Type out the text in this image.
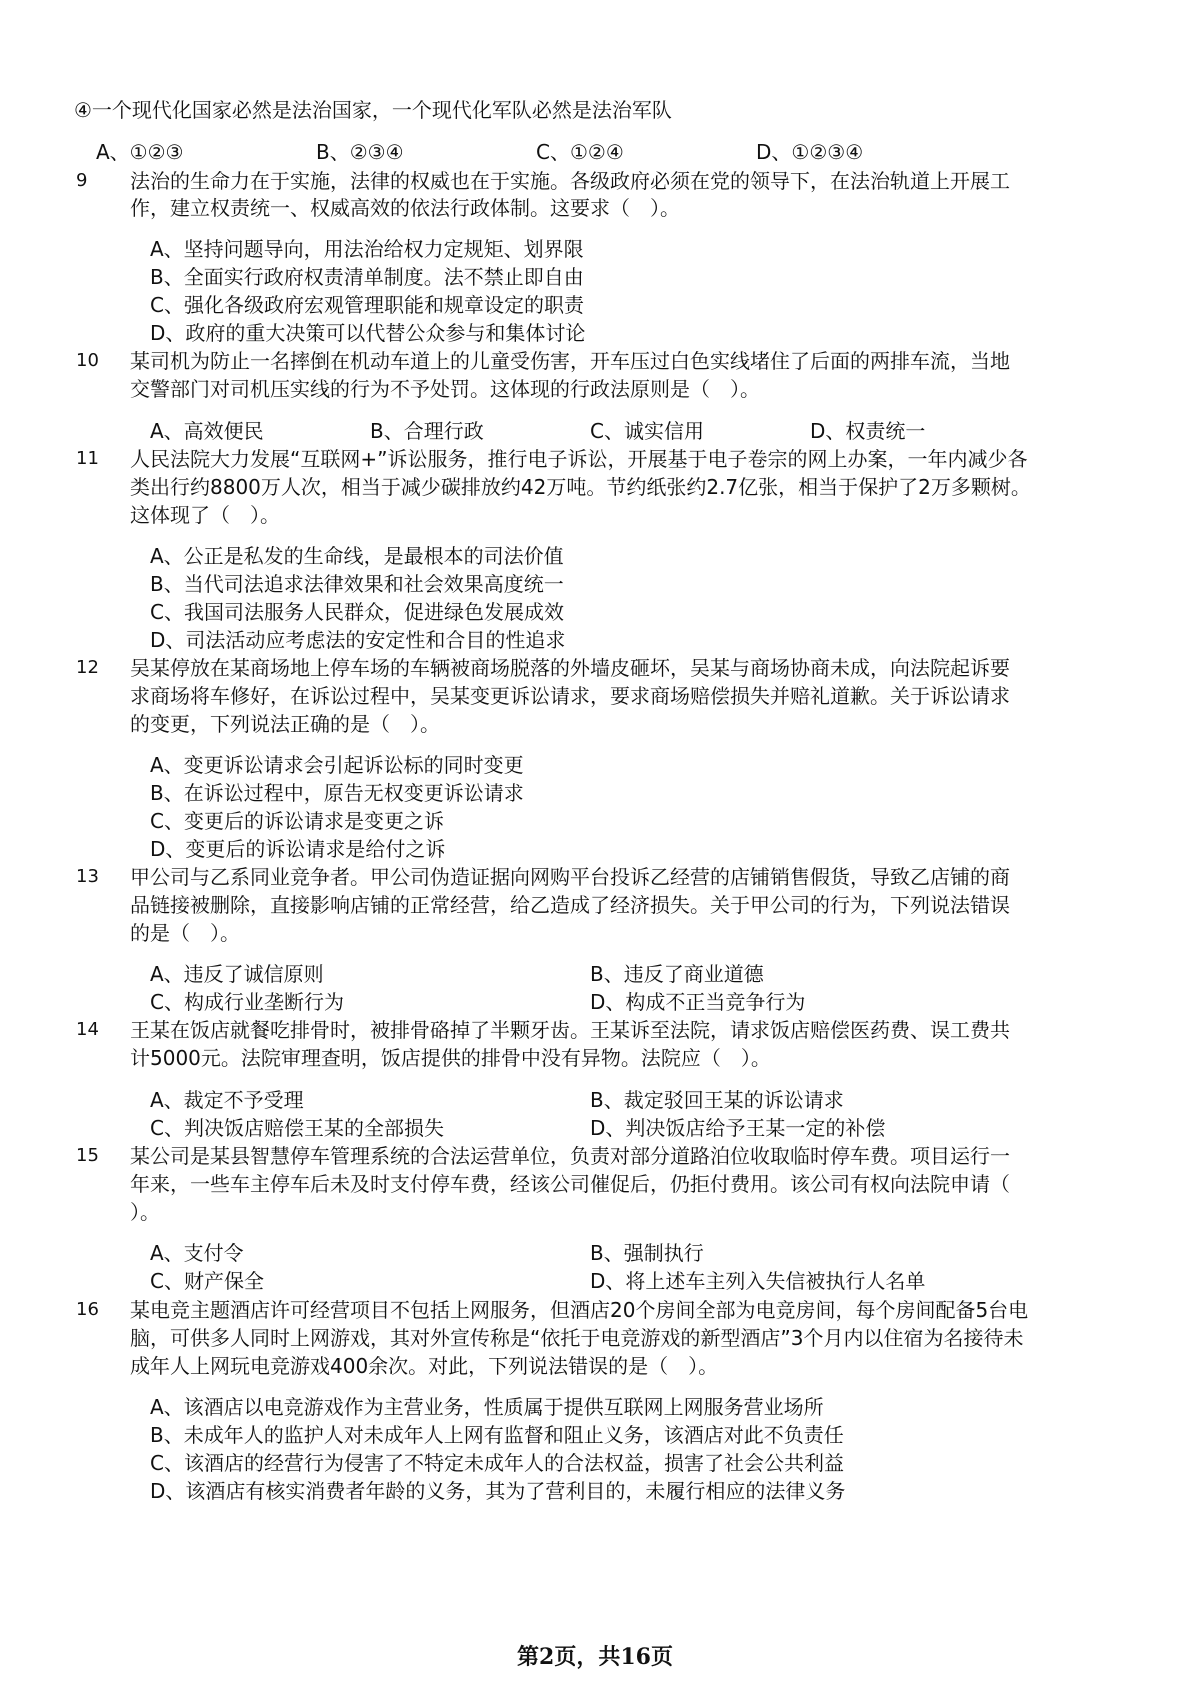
④一个现代化国家必然是法治国家，一个现代化军队必然是法治军队
A、①②③	B、②③④	C、①②④	D、①②③④
9 法治的生命力在于实施，法律的权威也在于实施。各级政府必须在党的领导下，在法治轨道上开展工
作，建立权责统一、权威高效的依法行政体制。这要求（　）。
A、坚持问题导向，用法治给权力定规矩、划界限
B、全面实行政府权责清单制度。法不禁止即自由
C、强化各级政府宏观管理职能和规章设定的职责
D、政府的重大决策可以代替公众参与和集体讨论
10 某司机为防止一名摔倒在机动车道上的儿童受伤害，开车压过白色实线堵住了后面的两排车流，当地
交警部门对司机压实线的行为不予处罚。这体现的行政法原则是（　）。
A、高效便民	B、合理行政	C、诚实信用	D、权责统一
11 人民法院大力发展“互联网+”诉讼服务，推行电子诉讼，开展基于电子卷宗的网上办案，一年内减少各
类出行约8800万人次，相当于减少碳排放约42万吨。节约纸张约2.7亿张，相当于保护了2万多颗树。
这体现了（　）。
A、公正是私发的生命线，是最根本的司法价值
B、当代司法追求法律效果和社会效果高度统一
C、我国司法服务人民群众，促进绿色发展成效
D、司法活动应考虑法的安定性和合目的性追求
12 吴某停放在某商场地上停车场的车辆被商场脱落的外墙皮砸坏，吴某与商场协商未成，向法院起诉要
求商场将车修好，在诉讼过程中，吴某变更诉讼请求，要求商场赔偿损失并赔礼道歉。关于诉讼请求
的变更，下列说法正确的是（　）。
A、变更诉讼请求会引起诉讼标的同时变更
B、在诉讼过程中，原告无权变更诉讼请求
C、变更后的诉讼请求是变更之诉
D、变更后的诉讼请求是给付之诉
13 甲公司与乙系同业竞争者。甲公司伪造证据向网购平台投诉乙经营的店铺销售假货，导致乙店铺的商
品链接被删除，直接影响店铺的正常经营，给乙造成了经济损失。关于甲公司的行为，下列说法错误
的是（　）。
A、违反了诚信原则	B、违反了商业道德
C、构成行业垄断行为	D、构成不正当竞争行为
14 王某在饭店就餐吃排骨时，被排骨硌掉了半颗牙齿。王某诉至法院，请求饭店赔偿医药费、误工费共
计5000元。法院审理查明，饭店提供的排骨中没有异物。法院应（　）。
A、裁定不予受理	B、裁定驳回王某的诉讼请求
C、判决饭店赔偿王某的全部损失	D、判决饭店给予王某一定的补偿
15 某公司是某县智慧停车管理系统的合法运营单位，负责对部分道路泊位收取临时停车费。项目运行一
年来，一些车主停车后未及时支付停车费，经该公司催促后，仍拒付费用。该公司有权向法院申请（
）。
A、支付令	B、强制执行
C、财产保全	D、将上述车主列入失信被执行人名单
16 某电竞主题酒店许可经营项目不包括上网服务，但酒店20个房间全部为电竞房间，每个房间配备5台电
脑，可供多人同时上网游戏，其对外宣传称是“依托于电竞游戏的新型酒店”3个月内以住宿为名接待未
成年人上网玩电竞游戏400余次。对此，下列说法错误的是（　）。
A、该酒店以电竞游戏作为主营业务，性质属于提供互联网上网服务营业场所
B、未成年人的监护人对未成年人上网有监督和阻止义务，该酒店对此不负责任
C、该酒店的经营行为侵害了不特定未成年人的合法权益，损害了社会公共利益
D、该酒店有核实消费者年龄的义务，其为了营利目的，未履行相应的法律义务
第2页，共16页
